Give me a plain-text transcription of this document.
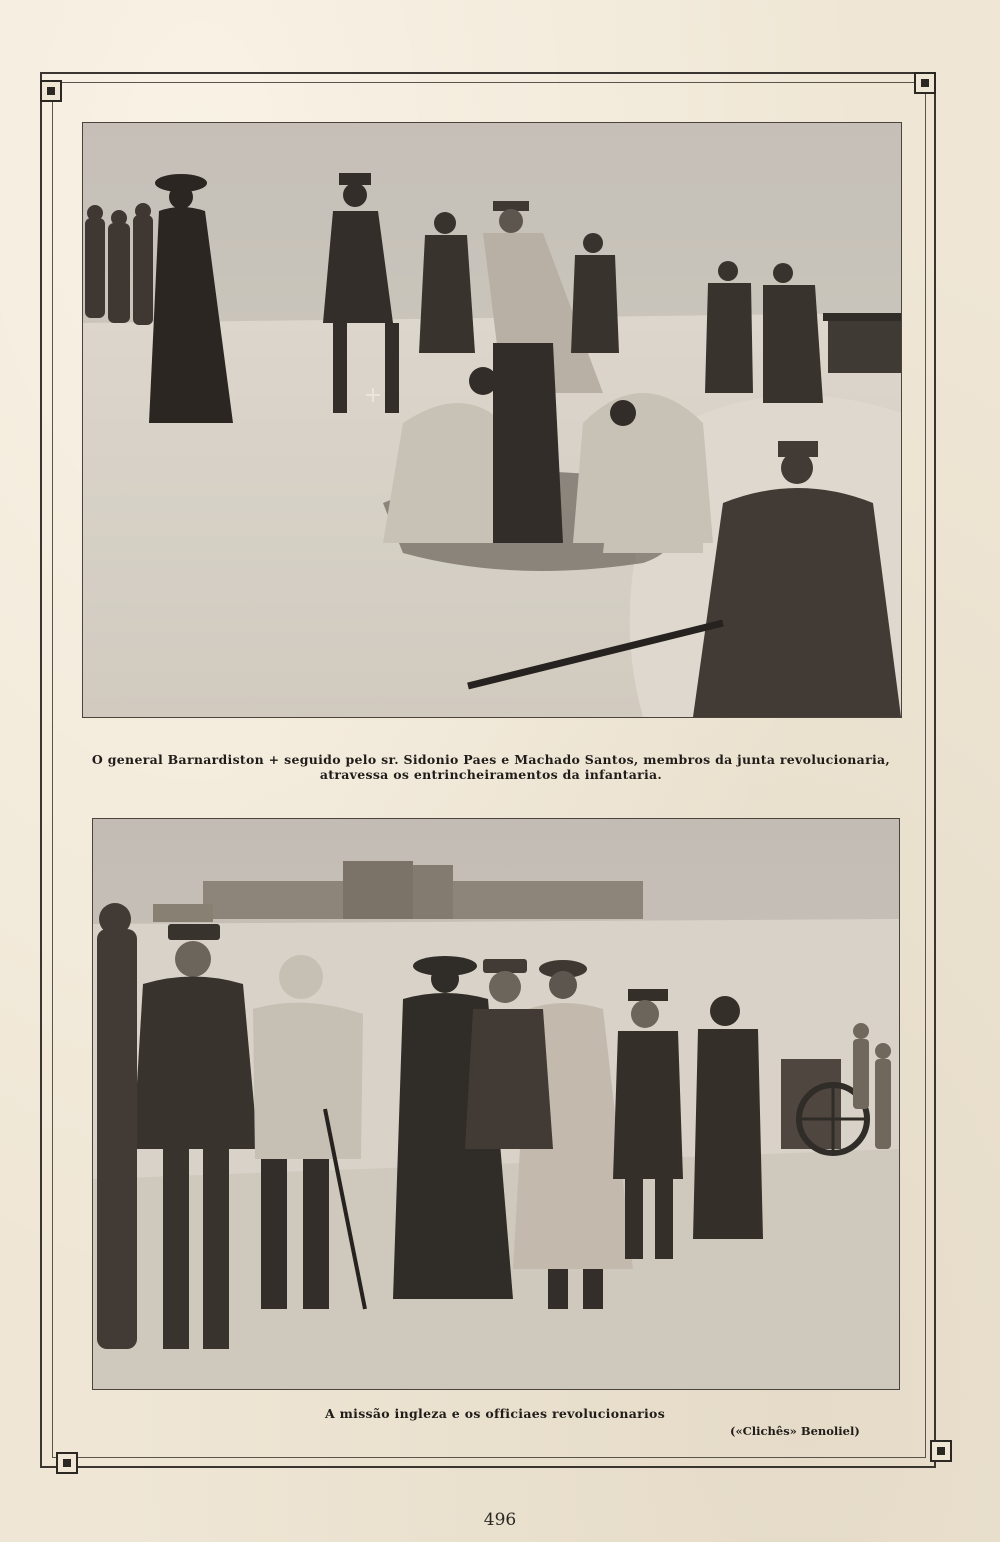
O general Barnardiston + seguido pelo sr. Sidonio Paes e Machado Santos, membros da junta revolucionaria,
atravessa os entrincheiramentos da infantaria.
A missão ingleza e os officiaes revolucionarios
(«Clichês» Benoliel)
496
